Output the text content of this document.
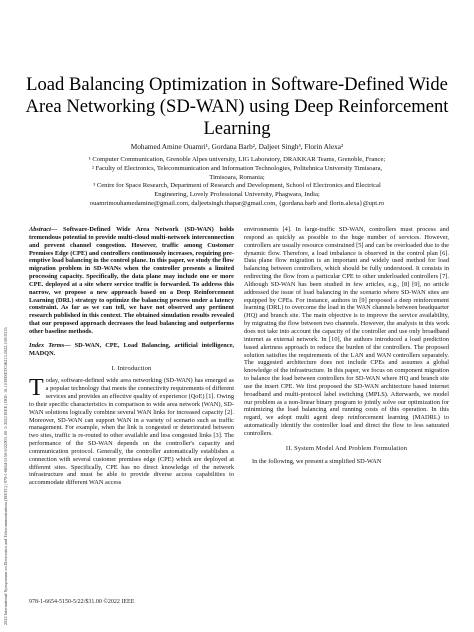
2022 International Symposium on Electronics and Telecommunications (ISETC) | 978-1-6654-5150-5/22/$31.00 ©2022 IEEE | DOI: 10.1109/ISETC56213.2022.10010335
Load Balancing Optimization in Software-Defined Wide Area Networking (SD-WAN) using Deep Reinforcement Learning
Mohamed Amine Ouamri¹, Gordana Barb², Daljeet Singh³, Florin Alexa²
¹ Computer Communication, Grenoble Alpes university, LIG Laboratory, DRAKKAR Teams, Grenoble, France;
² Faculty of Electronics, Telecommunication and Information Technologies, Politehnica University Timisoara,
Timisoara, Romania;
³ Centre for Space Research, Department of Research and Development, School of Electronics and Electrical
Engineering, Lovely Professional University, Phagwara, India;
ouamrimouhamedamine@gmail.com, daljeetsingh.thapar@gmail.com, {gordana.barb and florin.alexa}@upt.ro

Abstract— Software-Defined Wide Area Network (SD-WAN) holds tremendous potential to provide multi-cloud multi-network interconnection and prevent channel congestion. However, traffic among Customer Premises Edge (CPE) and controllers continuously increases, requiring pre-emptive load balancing in the control plane. In this paper, we study the flow migration problem in SD-WANs when the controller presents a limited processing capacity. Specifically, the data plane may include one or more CPE. deployed at a site where service traffic is forwarded. To address this narrow, we propose a new approach based on a Deep Reinforcement Learning (DRL) strategy to optimize the balancing process under a latency constraint. As far as we can tell, we have not observed any pertinent research published in this context. The obtained simulation results revealed that our proposed approach decreases the load balancing and outperforms other baseline methods.

Index Terms— SD-WAN, CPE, Load Balancing, artificial intelligence, MADQN.

I. Introduction

Today, software-defined wide area networking (SD-WAN) has emerged as a popular technology that meets the connectivity requirements of different services and provides an effective quality of experience (QoE) [1]. Owing to their specific characteristics in comparison to wide area network (WAN), SD-WAN solutions logically combine several WAN links for increased capacity [2]. Moreover, SD-WAN can support WAN in a variety of scenario such as traffic management. For example, when the link is congested or deteriorated between two sites, traffic is re-routed to other available and less congested links [3]. The performance of the SD-WAN depends on the controller's capacity and communication protocol. Generally, the controller automatically establishes a connection with several customer premises edge (CPE) which are deployed at different sites. Specifically, CPE has no direct knowledge of the network infrastructure and must be able to provide diverse access capabilities to accommodate different WAN access

environments [4]. In large-traffic SD-WAN, controllers must process and respond as quickly as possible to the huge number of services. However, controllers are usually resource constrained [5] and can be overloaded due to the dynamic flow. Therefore, a load imbalance is observed in the control plan [6]. Data plane flow migration is an important and widely used method for load balancing between controllers, which should be fully understood. It consists in redirecting the flow from a particular CPE to other underloaded controllers [7]. Although SD-WAN has been studied in few articles, e.g., [8] [9], no article addressed the issue of load balancing in the scenario where SD-WAN sites are equipped by CPEs. For instance, authors in [9] proposed a deep reinforcement learning (DRL) to overcome the load in the WAN channels between headquarter (HQ) and branch site. The main objective is to improve the service availability, by migrating the flow between two channels. However, the analysis in this work does not take into account the capacity of the controller and use only broadband internet as external network. In [10], the authors introduced a load prediction based alertness approach to reduce the burden of the controllers. The proposed solution satisfies the requirements of the LAN and WAN controllers separately. The suggested architecture does not include CPEs and assumes a global knowledge of the infrastructure. In this paper, we focus on component migration to balance the load between controllers for SD-WAN where HQ and branch site use the insert CPE. We first proposed the SD-WAN architecture based internet broadband and multi-protocol label switching (MPLS). Afterwards, we model our problem as a non-linear binary program to jointly solve our optimization for minimizing the load balancing and running costs of this operation. In this regard, we adopt multi agent deep reinforcement learning (MADRL) to automatically identify the controller load and direct the flow to less saturated controllers.

II. System Model And Problem Formulation

In the following, we present a simplified SD-WAN

978-1-6654-5150-5/22/$31.00 ©2022 IEEE
